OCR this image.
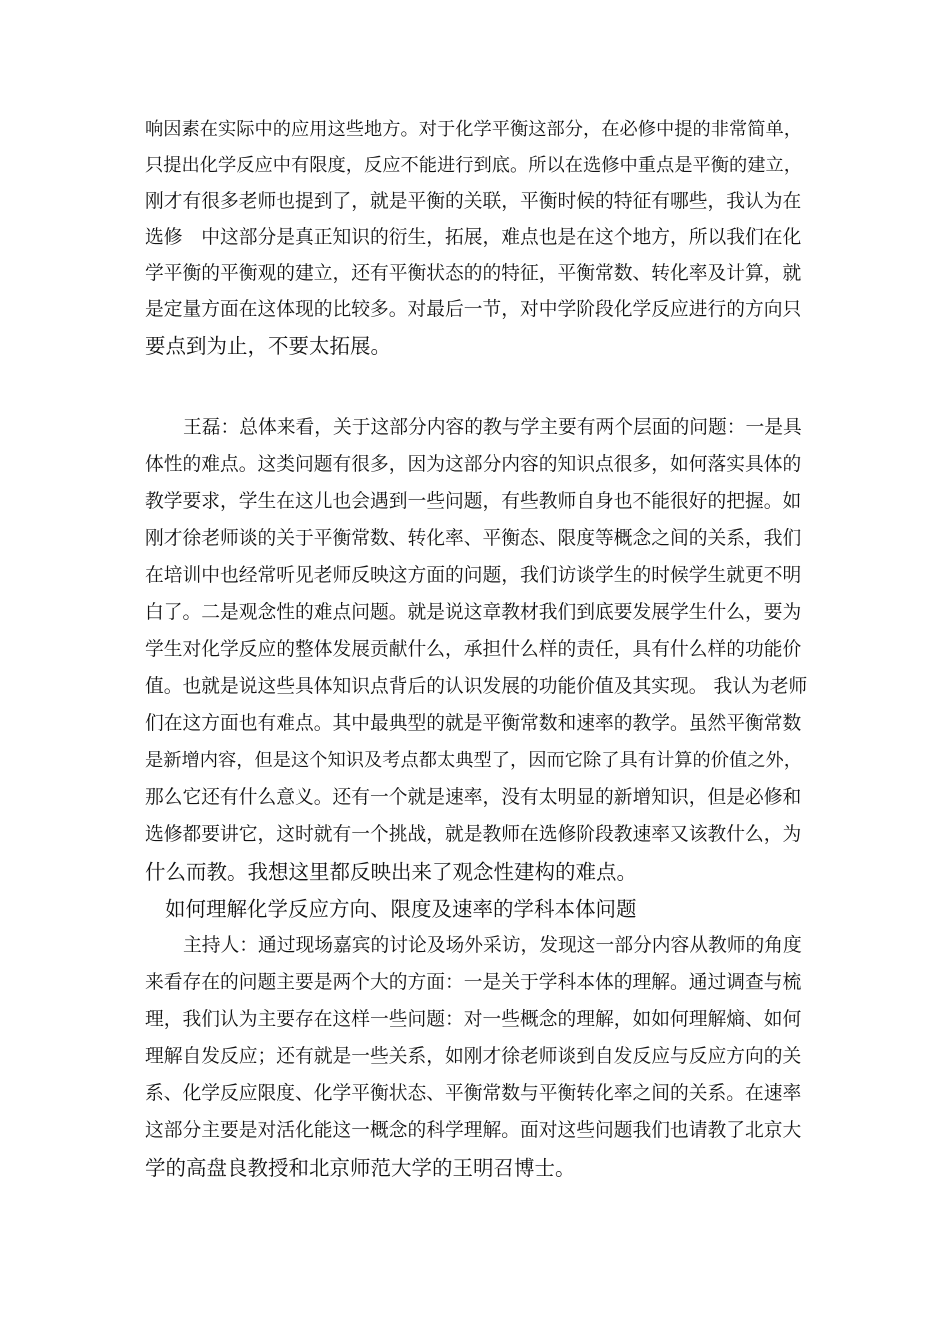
响因素在实际中的应用这些地方。对于化学平衡这部分，在必修中提的非常简单，
只提出化学反应中有限度，反应不能进行到底。所以在选修中重点是平衡的建立，
刚才有很多老师也提到了，就是平衡的关联，平衡时候的特征有哪些，我认为在
选修　中这部分是真正知识的衍生，拓展，难点也是在这个地方，所以我们在化
学平衡的平衡观的建立，还有平衡状态的的特征，平衡常数、转化率及计算，就
是定量方面在这体现的比较多。对最后一节，对中学阶段化学反应进行的方向只
要点到为止，不要太拓展。
王磊：总体来看，关于这部分内容的教与学主要有两个层面的问题：一是具
体性的难点。这类问题有很多，因为这部分内容的知识点很多，如何落实具体的
教学要求，学生在这儿也会遇到一些问题，有些教师自身也不能很好的把握。如
刚才徐老师谈的关于平衡常数、转化率、平衡态、限度等概念之间的关系，我们
在培训中也经常听见老师反映这方面的问题，我们访谈学生的时候学生就更不明
白了。二是观念性的难点问题。就是说这章教材我们到底要发展学生什么，要为
学生对化学反应的整体发展贡献什么，承担什么样的责任，具有什么样的功能价
值。也就是说这些具体知识点背后的认识发展的功能价值及其实现。 我认为老师
们在这方面也有难点。其中最典型的就是平衡常数和速率的教学。虽然平衡常数
是新增内容，但是这个知识及考点都太典型了，因而它除了具有计算的价值之外，
那么它还有什么意义。还有一个就是速率，没有太明显的新增知识，但是必修和
选修都要讲它，这时就有一个挑战，就是教师在选修阶段教速率又该教什么，为
什么而教。我想这里都反映出来了观念性建构的难点。
如何理解化学反应方向、限度及速率的学科本体问题
主持人：通过现场嘉宾的讨论及场外采访，发现这一部分内容从教师的角度
来看存在的问题主要是两个大的方面：一是关于学科本体的理解。通过调查与梳
理，我们认为主要存在这样一些问题：对一些概念的理解，如如何理解熵、如何
理解自发反应；还有就是一些关系，如刚才徐老师谈到自发反应与反应方向的关
系、化学反应限度、化学平衡状态、平衡常数与平衡转化率之间的关系。在速率
这部分主要是对活化能这一概念的科学理解。面对这些问题我们也请教了北京大
学的高盘良教授和北京师范大学的王明召博士。
